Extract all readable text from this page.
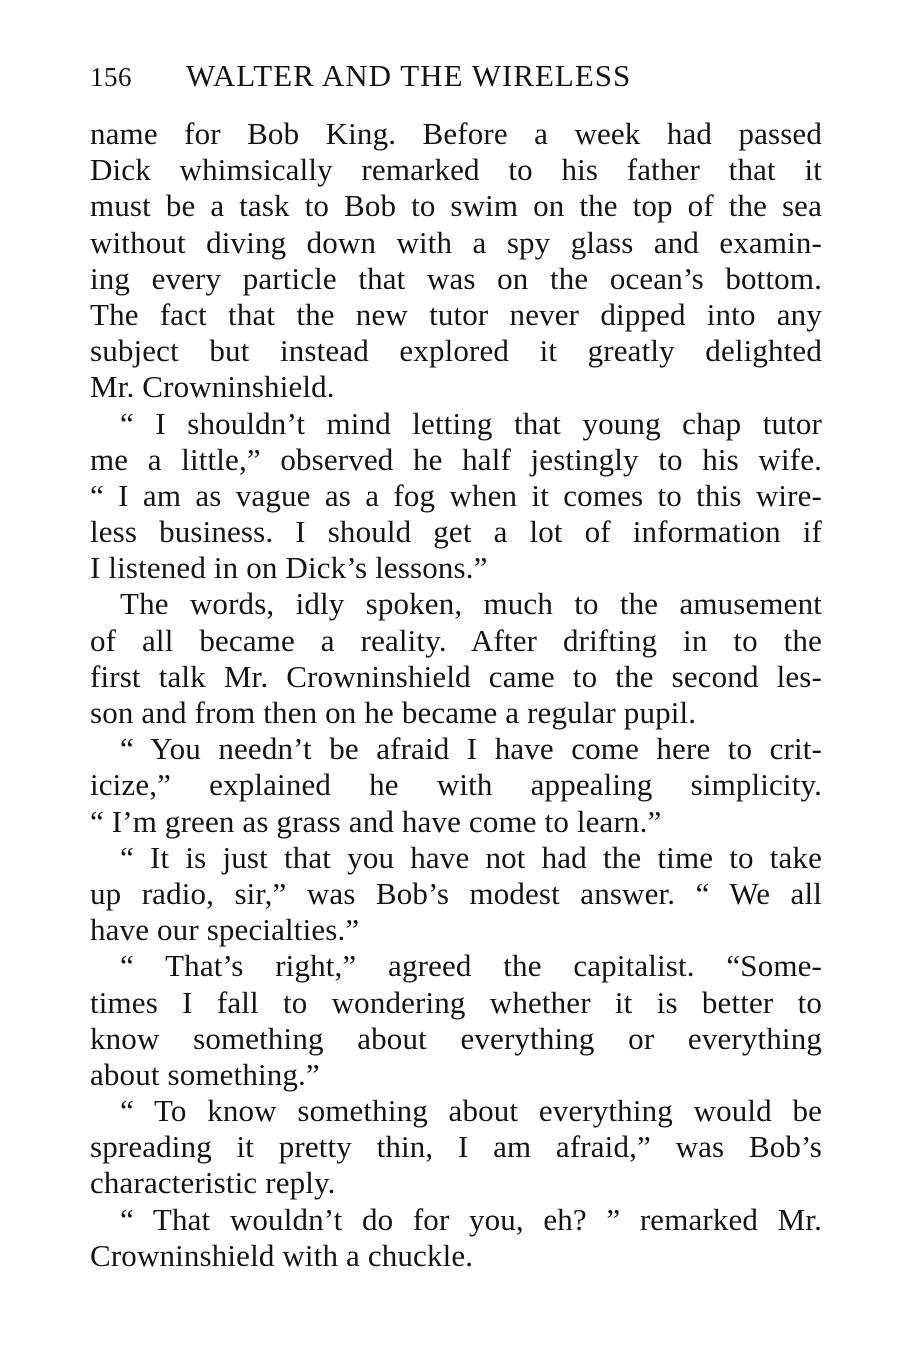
156 WALTER AND THE WIRELESS
name for Bob King. Before a week had passed
Dick whimsically remarked to his father that it
must be a task to Bob to swim on the top of the sea
without diving down with a spy glass and examin-
ing every particle that was on the ocean’s bottom.
The fact that the new tutor never dipped into any
subject but instead explored it greatly delighted
Mr. Crowninshield.
“ I shouldn’t mind letting that young chap tutor
me a little,” observed he half jestingly to his wife.
“ I am as vague as a fog when it comes to this wire-
less business. I should get a lot of information if
I listened in on Dick’s lessons.”
The words, idly spoken, much to the amusement
of all became a reality. After drifting in to the
first talk Mr. Crowninshield came to the second les-
son and from then on he became a regular pupil.
“ You needn’t be afraid I have come here to crit-
icize,” explained he with appealing simplicity.
“ I’m green as grass and have come to learn.”
“ It is just that you have not had the time to take
up radio, sir,” was Bob’s modest answer. “ We all
have our specialties.”
“ That’s right,” agreed the capitalist. “Some-
times I fall to wondering whether it is better to
know something about everything or everything
about something.”
“ To know something about everything would be
spreading it pretty thin, I am afraid,” was Bob’s
characteristic reply.
“ That wouldn’t do for you, eh? ” remarked Mr.
Crowninshield with a chuckle.
